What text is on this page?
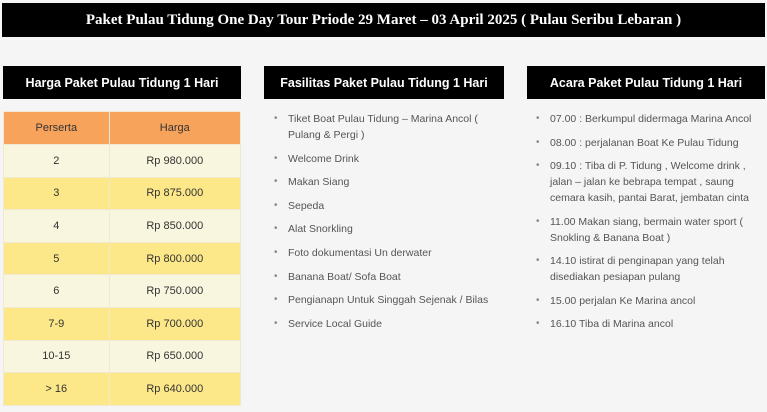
Paket Pulau Tidung One Day Tour Priode 29 Maret – 03 April 2025 ( Pulau Seribu Lebaran )
Harga Paket Pulau Tidung 1 Hari	Fasilitas Paket Pulau Tidung 1 Hari	Acara Paket Pulau Tidung 1 Hari
Perserta	Harga
2	Rp 980.000
3	Rp 875.000
4	Rp 850.000
5	Rp 800.000
6	Rp 750.000
7-9	Rp 700.000
10-15	Rp 650.000
> 16	Rp 640.000
• Tiket Boat Pulau Tidung – Marina Ancol ( Pulang & Pergi )
• Welcome Drink
• Makan Siang
• Sepeda
• Alat Snorkling
• Foto dokumentasi Un derwater
• Banana Boat/ Sofa Boat
• Pengianapn Untuk Singgah Sejenak / Bilas
• Service Local Guide
• 07.00 : Berkumpul didermaga Marina Ancol
• 08.00 : perjalanan Boat Ke Pulau Tidung
• 09.10 : Tiba di P. Tidung , Welcome drink , jalan – jalan ke bebrapa tempat , saung cemara kasih, pantai Barat, jembatan cinta
• 11.00 Makan siang, bermain water sport ( Snokling & Banana Boat )
• 14.10 istirat di penginapan yang telah disediakan pesiapan pulang
• 15.00 perjalan Ke Marina ancol
• 16.10 Tiba di Marina ancol
